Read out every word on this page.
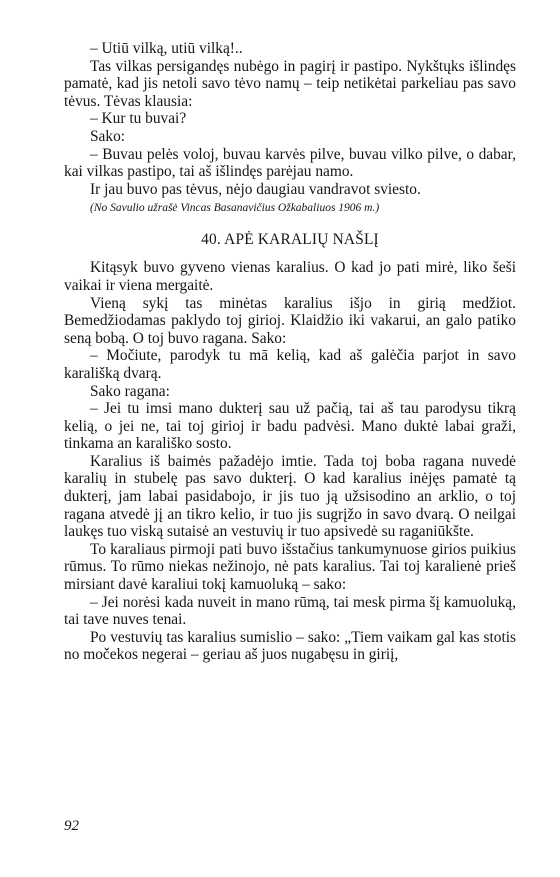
– Utiū vilką, utiū vilką!..

Tas vilkas persigandęs nubėgo in pagirį ir pastipo. Nykštųks išlindęs pamatė, kad jis netoli savo tėvo namų – teip netikėtai parkeliau pas savo tėvus. Tėvas klausia:

– Kur tu buvai?

Sako:

– Buvau pelės voloj, buvau karvės pilve, buvau vilko pilve, o dabar, kai vilkas pastipo, tai aš išlindęs parėjau namo.

Ir jau buvo pas tėvus, nėjo daugiau vandravot sviesto.

(No Savulio užrašė Vincas Basanavičius Ožkabaliuos 1906 m.)

40. APĖ KARALIŲ NAŠLĮ

Kitąsyk buvo gyveno vienas karalius. O kad jo pati mirė, liko šeši vaikai ir viena mergaitė.

Vieną sykį tas minėtas karalius išjo in girią medžiot. Bemedžiodamas paklydo toj girioj. Klaidžio iki vakarui, an galo patiko seną bobą. O toj buvo ragana. Sako:

– Močiute, parodyk tu mā kelią, kad aš galėčia parjot in savo karališką dvarą.

Sako ragana:

– Jei tu imsi mano dukterį sau už pačią, tai aš tau parodysu tikrą kelią, o jei ne, tai toj girioj ir badu padvėsi. Mano duktė labai graži, tinkama an karališko sosto.

Karalius iš baimės pažadėjo imtie. Tada toj boba ragana nuvedė karalių in stubelę pas savo dukterį. O kad karalius inėjęs pamatė tą dukterį, jam labai pasidabojo, ir jis tuo ją užsisodino an arklio, o toj ragana atvedė jį an tikro kelio, ir tuo jis sugrįžo in savo dvarą. O neilgai laukęs tuo viską sutaisė an vestuvių ir tuo apsivedė su raganiūkšte.

To karaliaus pirmoji pati buvo išstačius tankumynuose girios puikius rūmus. To rūmo niekas nežinojo, nė pats karalius. Tai toj karalienė prieš mirsiant davė karaliui tokį kamuoluką – sako:

– Jei norėsi kada nuveit in mano rūmą, tai mesk pirma šį kamuoluką, tai tave nuves tenai.

Po vestuvių tas karalius sumislio – sako: „Tiem vaikam gal kas stotis no močekos negerai – geriau aš juos nugabęsu in giriį,

92
